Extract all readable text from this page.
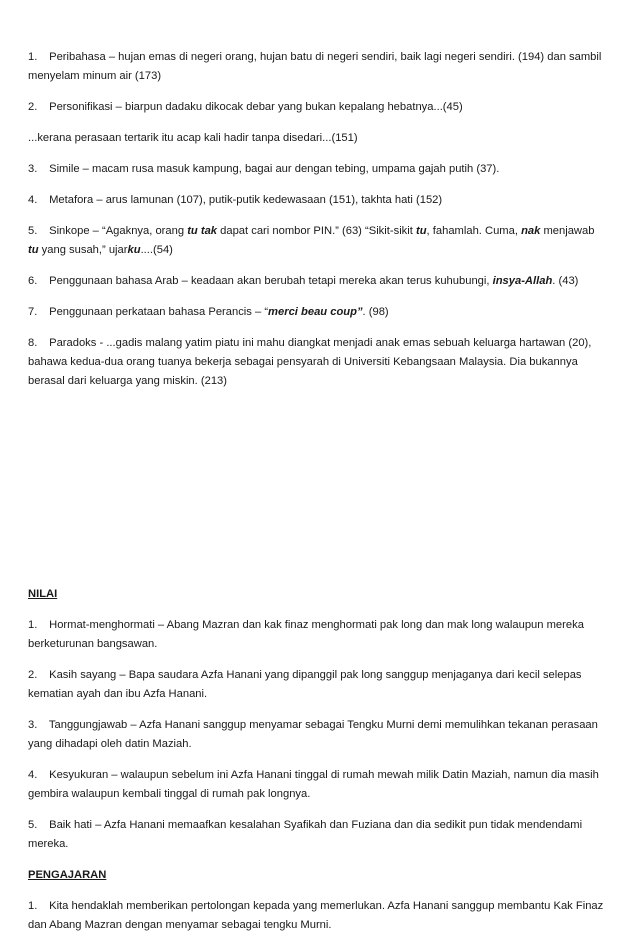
1. Peribahasa – hujan emas di negeri orang, hujan batu di negeri sendiri, baik lagi negeri sendiri. (194) dan sambil menyelam minum air (173)

2. Personifikasi – biarpun dadaku dikocak debar yang bukan kepalang hebatnya...(45)

...kerana perasaan tertarik itu acap kali hadir tanpa disedari...(151)

3. Simile – macam rusa masuk kampung, bagai aur dengan tebing, umpama gajah putih (37).

4. Metafora – arus lamunan (107), putik-putik kedewasaan (151), takhta hati (152)

5. Sinkope – “Agaknya, orang tu tak dapat cari nombor PIN.” (63) “Sikit-sikit tu, fahamlah. Cuma, nak menjawab tu yang susah,” ujarku....(54)

6. Penggunaan bahasa Arab – keadaan akan berubah tetapi mereka akan terus kuhubungi, insya-Allah. (43)

7. Penggunaan perkataan bahasa Perancis – “merci beau coup”. (98)

8. Paradoks - ...gadis malang yatim piatu ini mahu diangkat menjadi anak emas sebuah keluarga hartawan (20), bahawa kedua-dua orang tuanya bekerja sebagai pensyarah di Universiti Kebangsaan Malaysia. Dia bukannya berasal dari keluarga yang miskin. (213)

NILAI

1. Hormat-menghormati – Abang Mazran dan kak finaz menghormati pak long dan mak long walaupun mereka berketurunan bangsawan.

2. Kasih sayang – Bapa saudara Azfa Hanani yang dipanggil pak long sanggup menjaganya dari kecil selepas kematian ayah dan ibu Azfa Hanani.

3. Tanggungjawab – Azfa Hanani sanggup menyamar sebagai Tengku Murni demi memulihkan tekanan perasaan yang dihadapi oleh datin Maziah.

4. Kesyukuran – walaupun sebelum ini Azfa Hanani tinggal di rumah mewah milik Datin Maziah, namun dia masih gembira walaupun kembali tinggal di rumah pak longnya.

5. Baik hati – Azfa Hanani memaafkan kesalahan Syafikah dan Fuziana dan dia sedikit pun tidak mendendami mereka.

PENGAJARAN

1. Kita hendaklah memberikan pertolongan kepada yang memerlukan. Azfa Hanani sanggup membantu Kak Finaz dan Abang Mazran dengan menyamar sebagai tengku Murni.
